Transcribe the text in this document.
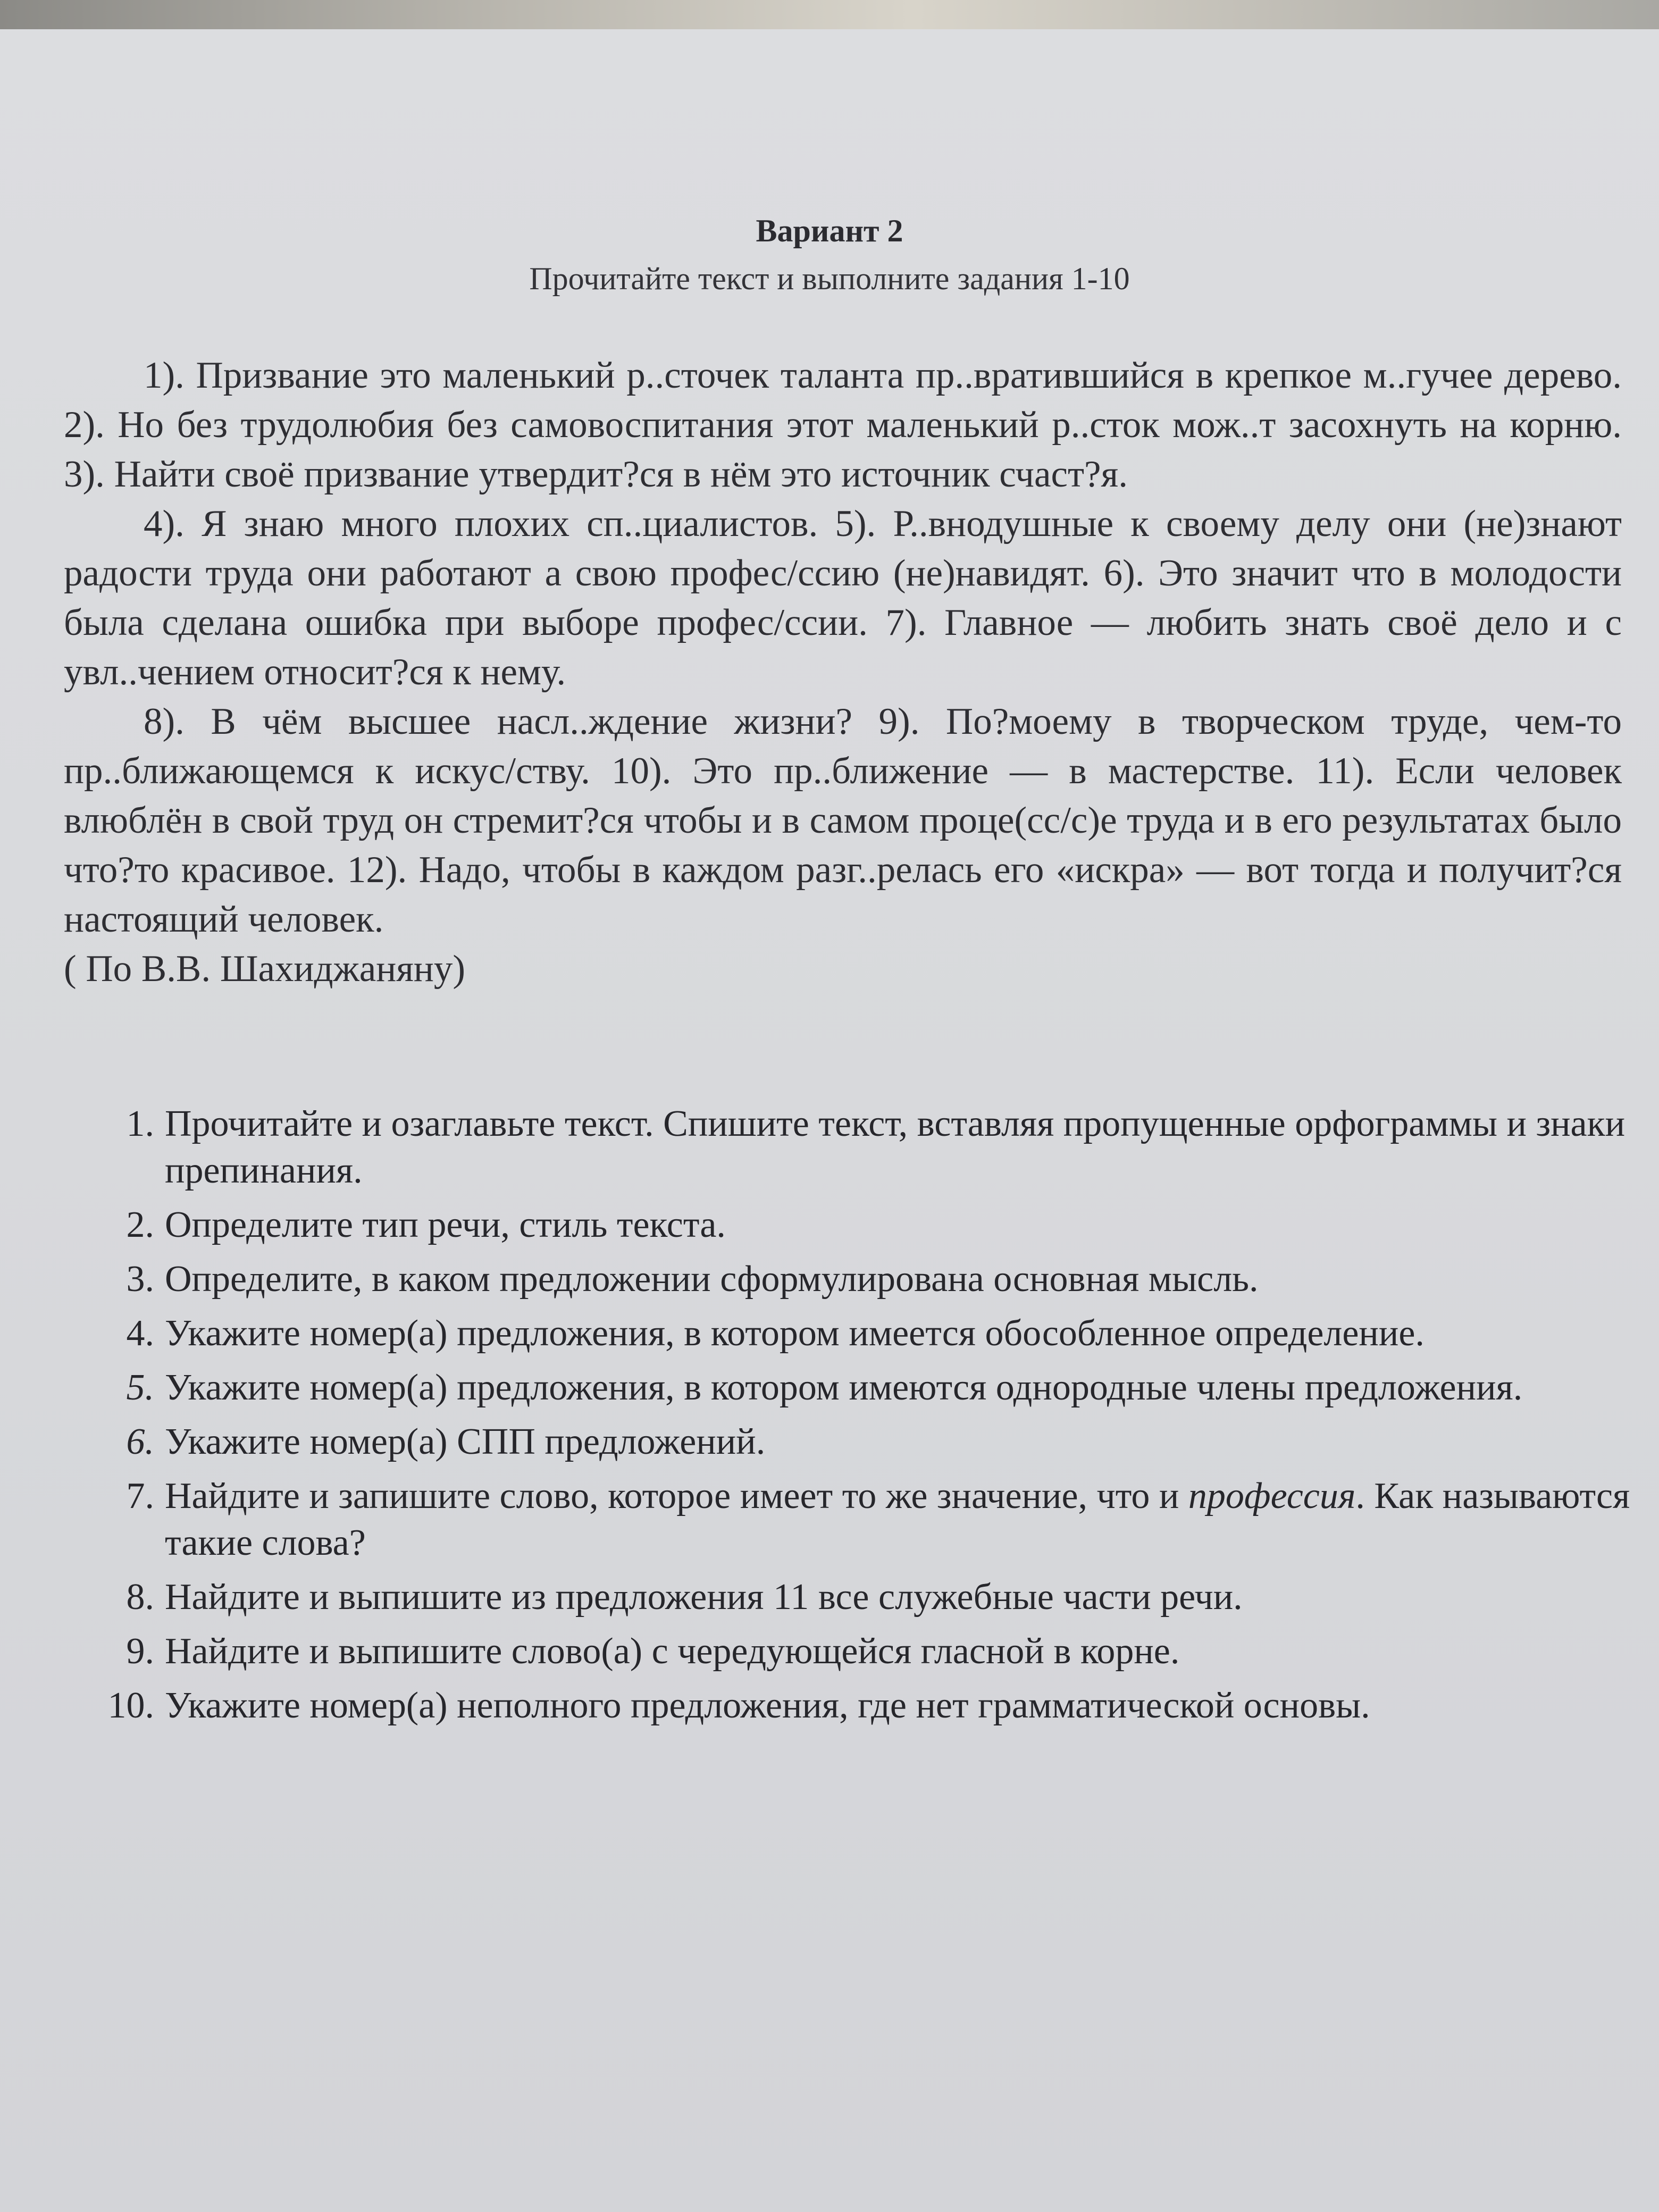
Вариант 2
Прочитайте текст и выполните задания 1-10

1). Призвание это маленький р..сточек таланта пр..вратившийся в крепкое м..гучее дерево. 2). Но без трудолюбия без самовоспитания этот маленький р..сток мож..т засохнуть на корню. 3). Найти своё призвание утвердит?ся в нём это источник счаст?я.

4). Я знаю много плохих сп..циалистов. 5). Р..внодушные к своему делу они (не)знают радости труда они работают а свою профес/ссию (не)навидят. 6). Это значит что в молодости была сделана ошибка при выборе профес/ссии. 7). Главное — любить знать своё дело и с увл..чением относит?ся к нему.

8). В чём высшее насл..ждение жизни? 9). По?моему в творческом труде, чем-то пр..ближающемся к искус/ству. 10). Это пр..ближение — в мастерстве. 11). Если человек влюблён в свой труд он стремит?ся чтобы и в самом проце(сс/с)е труда и в его результатах было что?то красивое. 12). Надо, чтобы в каждом разг..релась его «искра» — вот тогда и получит?ся настоящий человек.

( По В.В. Шахиджаняну)

1. Прочитайте и озаглавьте текст. Спишите текст, вставляя пропущенные орфограммы и знаки препинания.
2. Определите тип речи, стиль текста.
3. Определите, в каком предложении сформулирована основная мысль.
4. Укажите номер(а) предложения, в котором имеется обособленное определение.
5. Укажите номер(а) предложения, в котором имеются однородные члены предложения.
6. Укажите номер(а) СПП предложений.
7. Найдите и запишите слово, которое имеет то же значение, что и профессия. Как называются такие слова?
8. Найдите и выпишите из предложения 11 все служебные части речи.
9. Найдите и выпишите слово(а) с чередующейся гласной в корне.
10. Укажите номер(а) неполного предложения, где нет грамматической основы.
